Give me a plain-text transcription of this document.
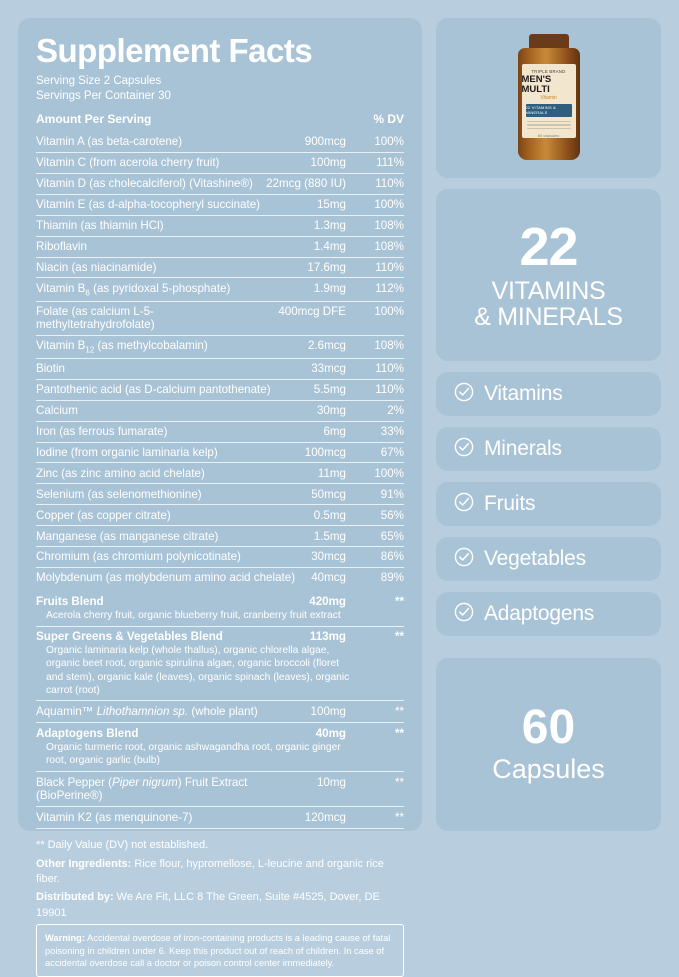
Supplement Facts
Serving Size 2 Capsules
Servings Per Container 30
Amount Per Serving	% DV
Vitamin A (as beta-carotene)	900mcg	100%
Vitamin C (from acerola cherry fruit)	100mg	111%
Vitamin D (as cholecalciferol) (Vitashine®)	22mcg (880 IU)	110%
Vitamin E (as d-alpha-tocopheryl succinate)	15mg	100%
Thiamin (as thiamin HCl)	1.3mg	108%
Riboflavin	1.4mg	108%
Niacin (as niacinamide)	17.6mg	110%
Vitamin $B_6$ (as pyridoxal 5-phosphate)	1.9mg	112%
Folate (as calcium L-5-methyltetrahydrofolate)
400mcg DFE	100%
Vitamin $B_{12}$ (as methylcobalamin)	2.6mcg	108%
Biotin	33mcg	110%
Pantothenic acid (as D-calcium pantothenate)	5.5mg	110%
Calcium	30mg	2%
Iron (as ferrous fumarate)	6mg	33%
Iodine (from organic laminaria kelp)	100mcg	67%
Zinc (as zinc amino acid chelate)	11mg	100%
Selenium (as selenomethionine)	50mcg	91%
Copper (as copper citrate)	0.5mg	56%
Manganese (as manganese citrate)	1.5mg	65%
Chromium (as chromium polynicotinate)	30mcg	86%
Molybdenum (as molybdenum amino acid chelate)	40mcg	89%
Fruits Blend	420mg	**
Acerola cherry fruit, organic blueberry fruit, cranberry fruit extract
Super Greens & Vegetables Blend	113mg	**
Organic laminaria kelp (whole thallus), organic chlorella algae, organic beet root, organic spirulina algae, organic broccoli (floret and stem), organic kale (leaves), organic spinach (leaves), organic carrot (root)
Aquamin™ Lithothamnion sp. (whole plant)	100mg	**
Adaptogens Blend	40mg	**
Organic turmeric root, organic ashwagandha root, organic ginger root, organic garlic (bulb)
Black Pepper (Piper nigrum) Fruit Extract (BioPerine®)
10mg	**
Vitamin K2 (as menquinone-7)	120mcg	**
** Daily Value (DV) not established.
Other Ingredients: Rice flour, hypromellose, L-leucine and organic rice fiber.
Distributed by: We Are Fit, LLC 8 The Green, Suite #4525, Dover, DE 19901
Warning: Accidental overdose of iron-containing products is a leading cause of fatal poisoning in children under 6. Keep this product out of reach of children. In case of accidental overdose call a doctor or poison control center immediately.
TRIPLE BRAND
MEN'S MULTI
Vitamin
22 VITAMINS & MINERALS
60 capsules
22
VITAMINS
& MINERALS
Vitamins
Minerals
Fruits
Vegetables
Adaptogens
60
Capsules
